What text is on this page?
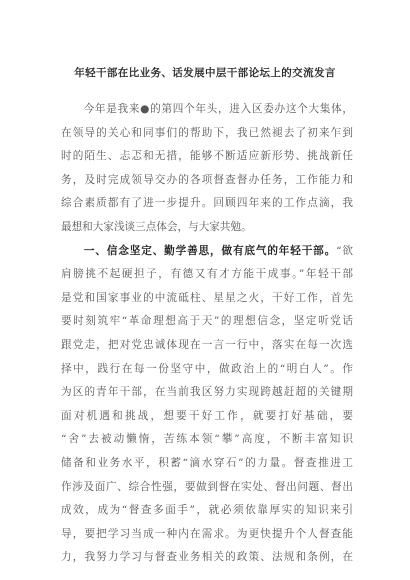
年轻干部在比业务、话发展中层干部论坛上的交流发言
　　今年是我来●的第四个年头，进入区委办这个大集体，
在领导的关心和同事们的帮助下，我已然褪去了初来乍到
时的陌生、忐忑和无措，能够不断适应新形势、挑战新任
务，及时完成领导交办的各项督查督办任务，工作能力和
综合素质都有了进一步提升。回顾四年来的工作点滴，我
最想和大家浅谈三点体会，与大家共勉。
　　一、信念坚定、勤学善思，做有底气的年轻干部。“欲
肩膀挑不起硬担子，有德又有才方能干成事。”年轻干部
是党和国家事业的中流砥柱、星星之火，干好工作，首先
要时刻筑牢“革命理想高于天”的理想信念，坚定听党话
跟党走，把对党忠诚体现在一言一行中，落实在每一次选
择中，践行在每一份坚守中，做政治上的“明白人”。作
为区的青年干部，在当前我区努力实现跨越赶超的关键期
面对机遇和挑战，想要干好工作，就要打好基础，要
“舍”去被动懒惰，苦练本领“攀”高度，不断丰富知识
储备和业务水平，积蓄“滴水穿石”的力量。督查推进工
作涉及面广、综合性强，要做到督在实处、督出问题、督出
成效，成为“督查多面手”，就必须依靠厚实的知识来引
导，要把学习当成一种内在需求。为更快提升个人督查能
力，我努力学习与督查业务相关的政策、法规和条例，在
